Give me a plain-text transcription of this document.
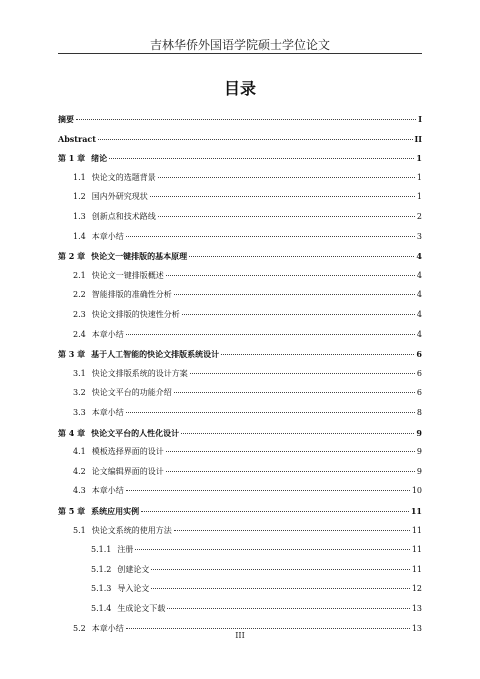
吉林华侨外国语学院硕士学位论文
目录
摘要	I
Abstract	II
第 1 章 绪论	1
1.1 快论文的选题背景	1
1.2 国内外研究现状	1
1.3 创新点和技术路线	2
1.4 本章小结	3
第 2 章 快论文一键排版的基本原理	4
2.1 快论文一键排版概述	4
2.2 智能排版的准确性分析	4
2.3 快论文排版的快速性分析	4
2.4 本章小结	4
第 3 章 基于人工智能的快论文排版系统设计	6
3.1 快论文排版系统的设计方案	6
3.2 快论文平台的功能介绍	6
3.3 本章小结	8
第 4 章 快论文平台的人性化设计	9
4.1 模板选择界面的设计	9
4.2 论文编辑界面的设计	9
4.3 本章小结	10
第 5 章 系统应用实例	11
5.1 快论文系统的使用方法	11
5.1.1 注册	11
5.1.2 创建论文	11
5.1.3 导入论文	12
5.1.4 生成论文下载	13
5.2 本章小结	13
III
